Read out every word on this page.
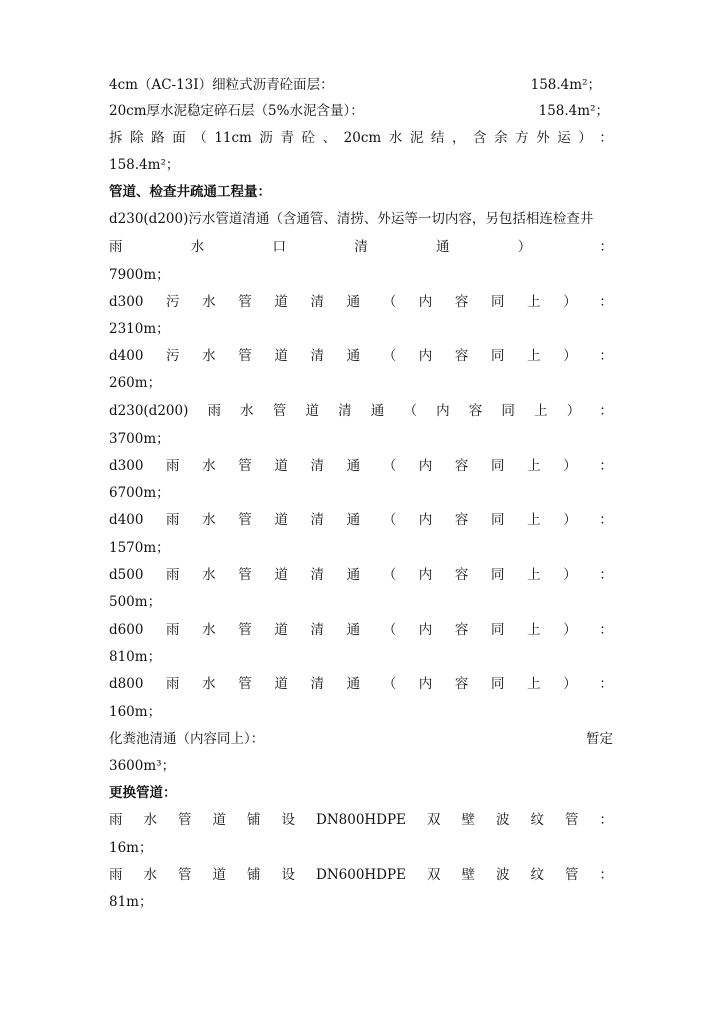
4cm（AC-13Ⅰ）细粒式沥青砼面层：	158.4m²；
20cm厚水泥稳定碎石层（5%水泥含量）：	158.4m²；
拆 除 路 面 （ 11cm 沥 青 砼 、 20cm 水 泥 结 ， 含 余 方 外 运 ） ：
158.4m²；
管道、检查井疏通工程量：
d230(d200)污水管道清通（含通管、清捞、外运等一切内容，另包括相连检查井
雨	水	口	清	通	）	：
7900m；
d300 污 水 管 道 清 通 （ 内 容 同 上 ） ：
2310m；
d400 污 水 管 道 清 通 （ 内 容 同 上 ） ：
260m；
d230(d200) 雨 水 管 道 清 通 （ 内 容 同 上 ） ：
3700m；
d300 雨 水 管 道 清 通 （ 内 容 同 上 ） ：
6700m；
d400 雨 水 管 道 清 通 （ 内 容 同 上 ） ：
1570m；
d500 雨 水 管 道 清 通 （ 内 容 同 上 ） ：
500m；
d600 雨 水 管 道 清 通 （ 内 容 同 上 ） ：
810m；
d800 雨 水 管 道 清 通 （ 内 容 同 上 ） ：
160m；
化粪池清通（内容同上）：	暂定
3600m³；
更换管道：
雨 水 管 道 铺 设 DN800HDPE 双 壁 波 纹 管 ：
16m；
雨 水 管 道 铺 设 DN600HDPE 双 壁 波 纹 管 ：
81m；
